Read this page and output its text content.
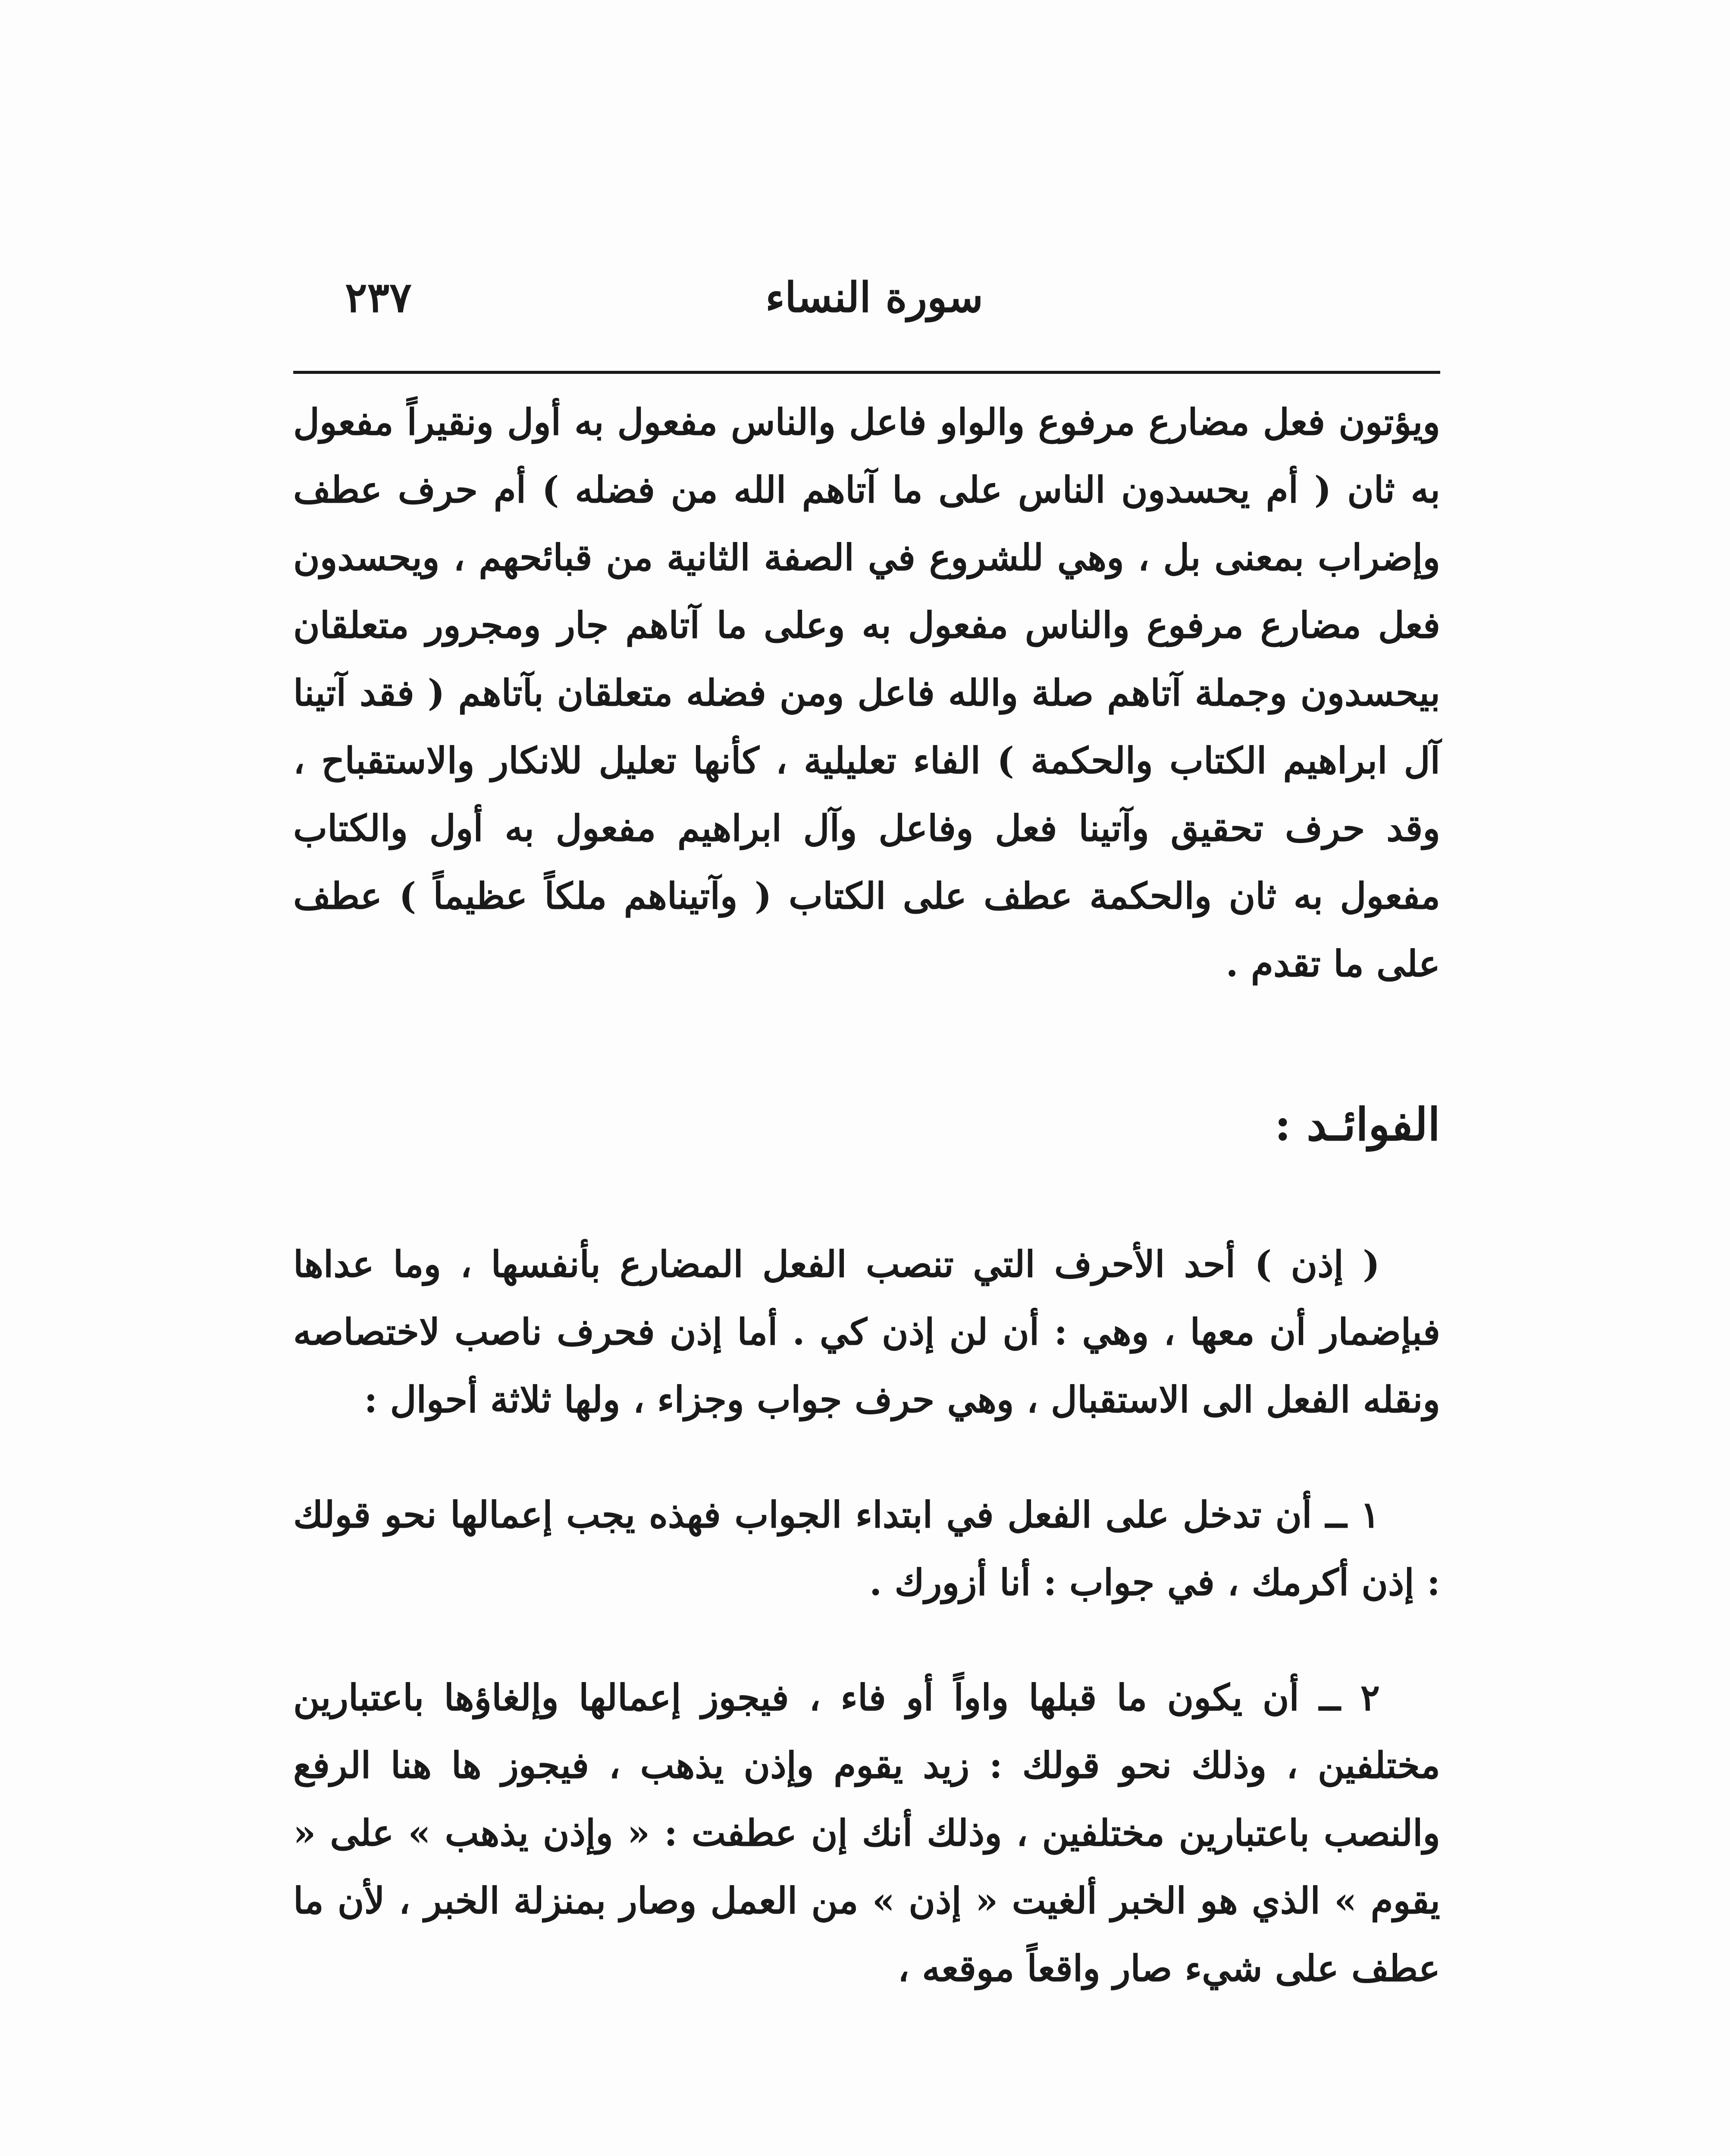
سورة النساء
٢٣٧

ويؤتون فعل مضارع مرفوع والواو فاعل والناس مفعول به أول ونقيراً مفعول به ثان ( أم يحسدون الناس على ما آتاهم الله من فضله ) أم حرف عطف وإضراب بمعنى بل ، وهي للشروع في الصفة الثانية من قبائحهم ، ويحسدون فعل مضارع مرفوع والناس مفعول به وعلى ما آتاهم جار ومجرور متعلقان بيحسدون وجملة آتاهم صلة والله فاعل ومن فضله متعلقان بآتاهم ( فقد آتينا آل ابراهيم الكتاب والحكمة ) الفاء تعليلية ، كأنها تعليل للانكار والاستقباح ، وقد حرف تحقيق وآتينا فعل وفاعل وآل ابراهيم مفعول به أول والكتاب مفعول به ثان والحكمة عطف على الكتاب ( وآتيناهم ملكاً عظيماً ) عطف على ما تقدم .

الفوائـد :

( إذن ) أحد الأحرف التي تنصب الفعل المضارع بأنفسها ، وما عداها فبإضمار أن معها ، وهي : أن لن إذن كي . أما إذن فحرف ناصب لاختصاصه ونقله الفعل الى الاستقبال ، وهي حرف جواب وجزاء ، ولها ثلاثة أحوال :

١ ــ أن تدخل على الفعل في ابتداء الجواب فهذه يجب إعمالها نحو قولك : إذن أكرمك ، في جواب : أنا أزورك .

٢ ــ أن يكون ما قبلها واواً أو فاء ، فيجوز إعمالها وإلغاؤها باعتبارين مختلفين ، وذلك نحو قولك : زيد يقوم وإذن يذهب ، فيجوز ها هنا الرفع والنصب باعتبارين مختلفين ، وذلك أنك إن عطفت : « وإذن يذهب » على « يقوم » الذي هو الخبر ألغيت « إذن » من العمل وصار بمنزلة الخبر ، لأن ما عطف على شيء صار واقعاً موقعه ،
